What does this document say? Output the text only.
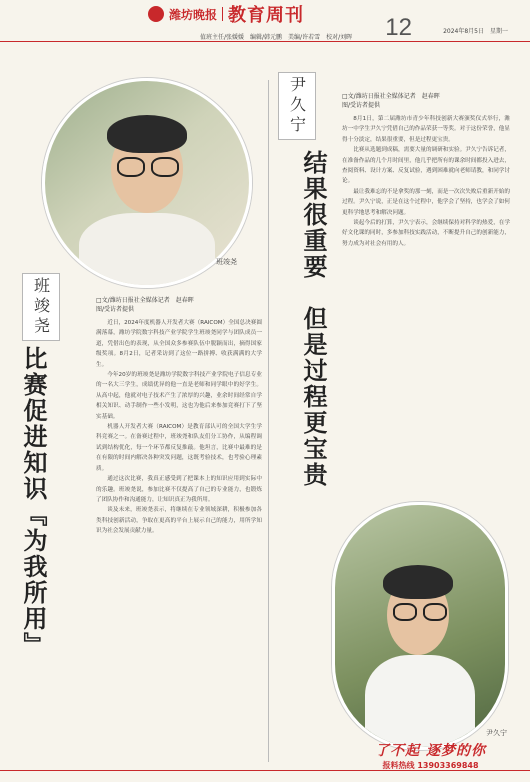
潍坊晚报 教育周刊	12	2024年8月5日　星期一
值班主任/张媛媛　编辑/韩元鹏　美编/许若雪　校对/刘晖
班竣尧
班竣尧
比赛促进知识『为我所用』
□文/潍坊日报社全媒体记者　赵春晖
图/受访者提供

近日，2024年度机器人开发者大赛（RAICOM）全国总决赛圆满落幕，潍坊学院数字科技产业学院学生班竣尧同学与团队成员一道，凭借出色的表现，从全国众多参赛队伍中脱颖而出，摘得国家级奖项。8月2日，记者采访到了这位一路拼搏、收获满满的大学生。

今年20岁的班竣尧是潍坊学院数字科技产业学院电子信息专业的一名大三学生，成绩优异的他一直是老师和同学眼中的好学生。从高中起，他就对电子技术产生了浓厚的兴趣，业余时间经常自学相关知识、动手制作一些小发明，这也为他后来参加竞赛打下了坚实基础。

机器人开发者大赛（RAICOM）是教育部认可的全国大学生学科竞赛之一。在备赛过程中，班竣尧和队友们分工协作，从编程调试到结构优化，每一个环节都反复推敲。他坦言，比赛中最难的是在有限的时间内解决各种突发问题，这既考验技术，也考验心理素质。

通过这次比赛，我真正感受到了把课本上的知识应用到实际中的乐趣。班竣尧说，参加比赛不仅提高了自己的专业能力，也锻炼了团队协作和沟通能力，让知识真正为我所用。

谈及未来，班竣尧表示，将继续在专业领域深耕，积极参加各类科技创新活动，争取在更高的平台上展示自己的能力，用所学知识为社会发展贡献力量。

尹久宁
结果很重要　但是过程更宝贵
□文/潍坊日报社全媒体记者　赵春晖
图/受访者提供

8月1日，第二届潍坊市青少年科技创新大赛颁奖仪式举行，潍坊一中学生尹久宁凭借自己的作品荣获一等奖。对于这份荣誉，他显得十分淡定，结果很重要，但是过程更宝贵。

比赛从选题到成稿，需要大量的调研和实验。尹久宁告诉记者，在准备作品的几个月时间里，他几乎把所有的课余时间都投入进去，查阅资料、设计方案、反复试验，遇到困难就向老师请教，和同学讨论。

最让我难忘的不是拿奖的那一刻，而是一次次失败后重新开始的过程。尹久宁说，正是在这个过程中，他学会了坚持，也学会了如何更科学地思考和解决问题。

谈起今后的打算，尹久宁表示，会继续保持对科学的热爱，在学好文化课的同时，多参加科技实践活动，不断提升自己的创新能力，努力成为对社会有用的人。

尹久宁
了不起 逐梦的你
报料热线 13903369848
